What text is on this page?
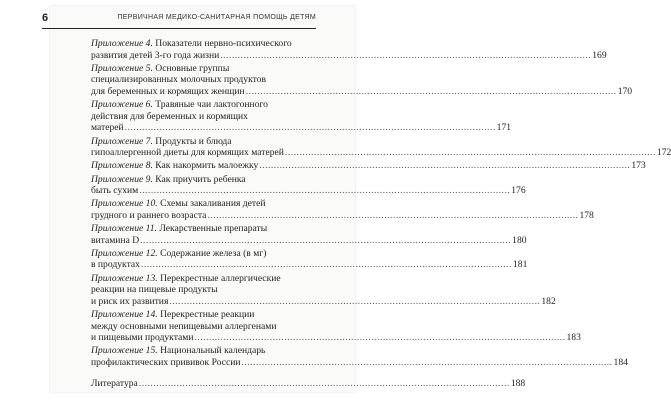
6	ПЕРВИЧНАЯ МЕДИКО-САНИТАРНАЯ ПОМОЩЬ ДЕТЯМ
Приложение 4. Показатели нервно-психического
развития детей 3-го года жизни .....	169
Приложение 5. Основные группы
специализированных молочных продуктов
для беременных и кормящих женщин .....	170
Приложение 6. Травяные чаи лактогонного
действия для беременных и кормящих
матерей .....	171
Приложение 7. Продукты и блюда
гипоаллергенной диеты для кормящих матерей .....	172
Приложение 8. Как накормить малоежку .....	173
Приложение 9. Как приучить ребенка
быть сухим .....	176
Приложение 10. Схемы закаливания детей
грудного и раннего возраста .....	178
Приложение 11. Лекарственные препараты
витамина D .....	180
Приложение 12. Содержание железа (в мг)
в продуктах .....	181
Приложение 13. Перекрестные аллергические
реакции на пищевые продукты
и риск их развития .....	182
Приложение 14. Перекрестные реакции
между основными непищевыми аллергенами
и пищевыми продуктами .....	183
Приложение 15. Национальный календарь
профилактических прививок России .....	184
Литература .....	188
